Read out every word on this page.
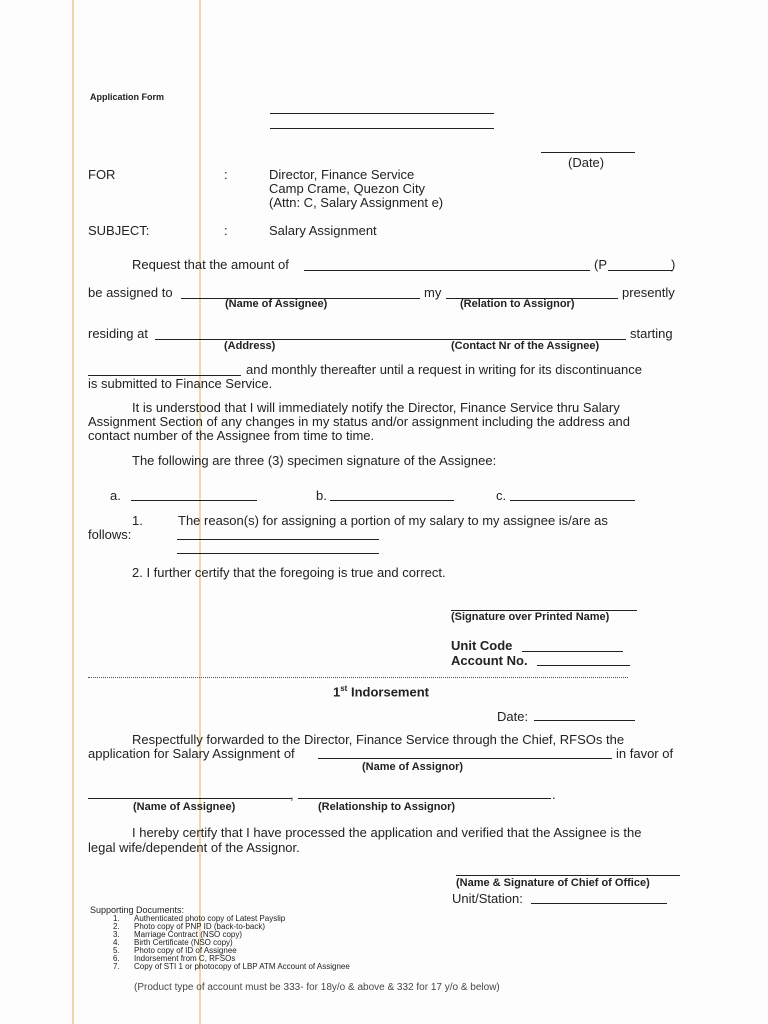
Application Form
(Date)
FOR	:	Director, Finance Service
Camp Crame, Quezon City
(Attn: C, Salary Assignment e)
SUBJECT:	:	Salary Assignment
Request that the amount of	(P	)
be assigned to	my	presently
(Name of Assignee)	(Relation to Assignor)
residing at	starting
(Address)	(Contact Nr of the Assignee)
and monthly thereafter until a request in writing for its discontinuance
is submitted to Finance Service.
It is understood that I will immediately notify the Director, Finance Service thru Salary
Assignment Section of any changes in my status and/or assignment including the address and
contact number of the Assignee from time to time.
The following are three (3) specimen signature of the Assignee:
a.	b.	c.
1.	The reason(s) for assigning a portion of my salary to my assignee is/are as
follows:
2. I further certify that the foregoing is true and correct.
(Signature over Printed Name)
Unit Code
Account No.
1st Indorsement
Date:
Respectfully forwarded to the Director, Finance Service through the Chief, RFSOs the
application for Salary Assignment of	in favor of
(Name of Assignor)
,	.
(Name of Assignee)	(Relationship to Assignor)
I hereby certify that I have processed the application and verified that the Assignee is the
legal wife/dependent of the Assignor.
(Name & Signature of Chief of Office)
Unit/Station:
Supporting Documents:
1. Authenticated photo copy of Latest Payslip
2. Photo copy of PNP ID (back-to-back)
3. Marriage Contract (NSO copy)
4. Birth Certificate (NSO copy)
5. Photo copy of ID of Assignee
6. Indorsement from C, RFSOs
7. Copy of STI 1 or photocopy of LBP ATM Account of Assignee
(Product type of account must be 333- for 18y/o & above & 332 for 17 y/o & below)
